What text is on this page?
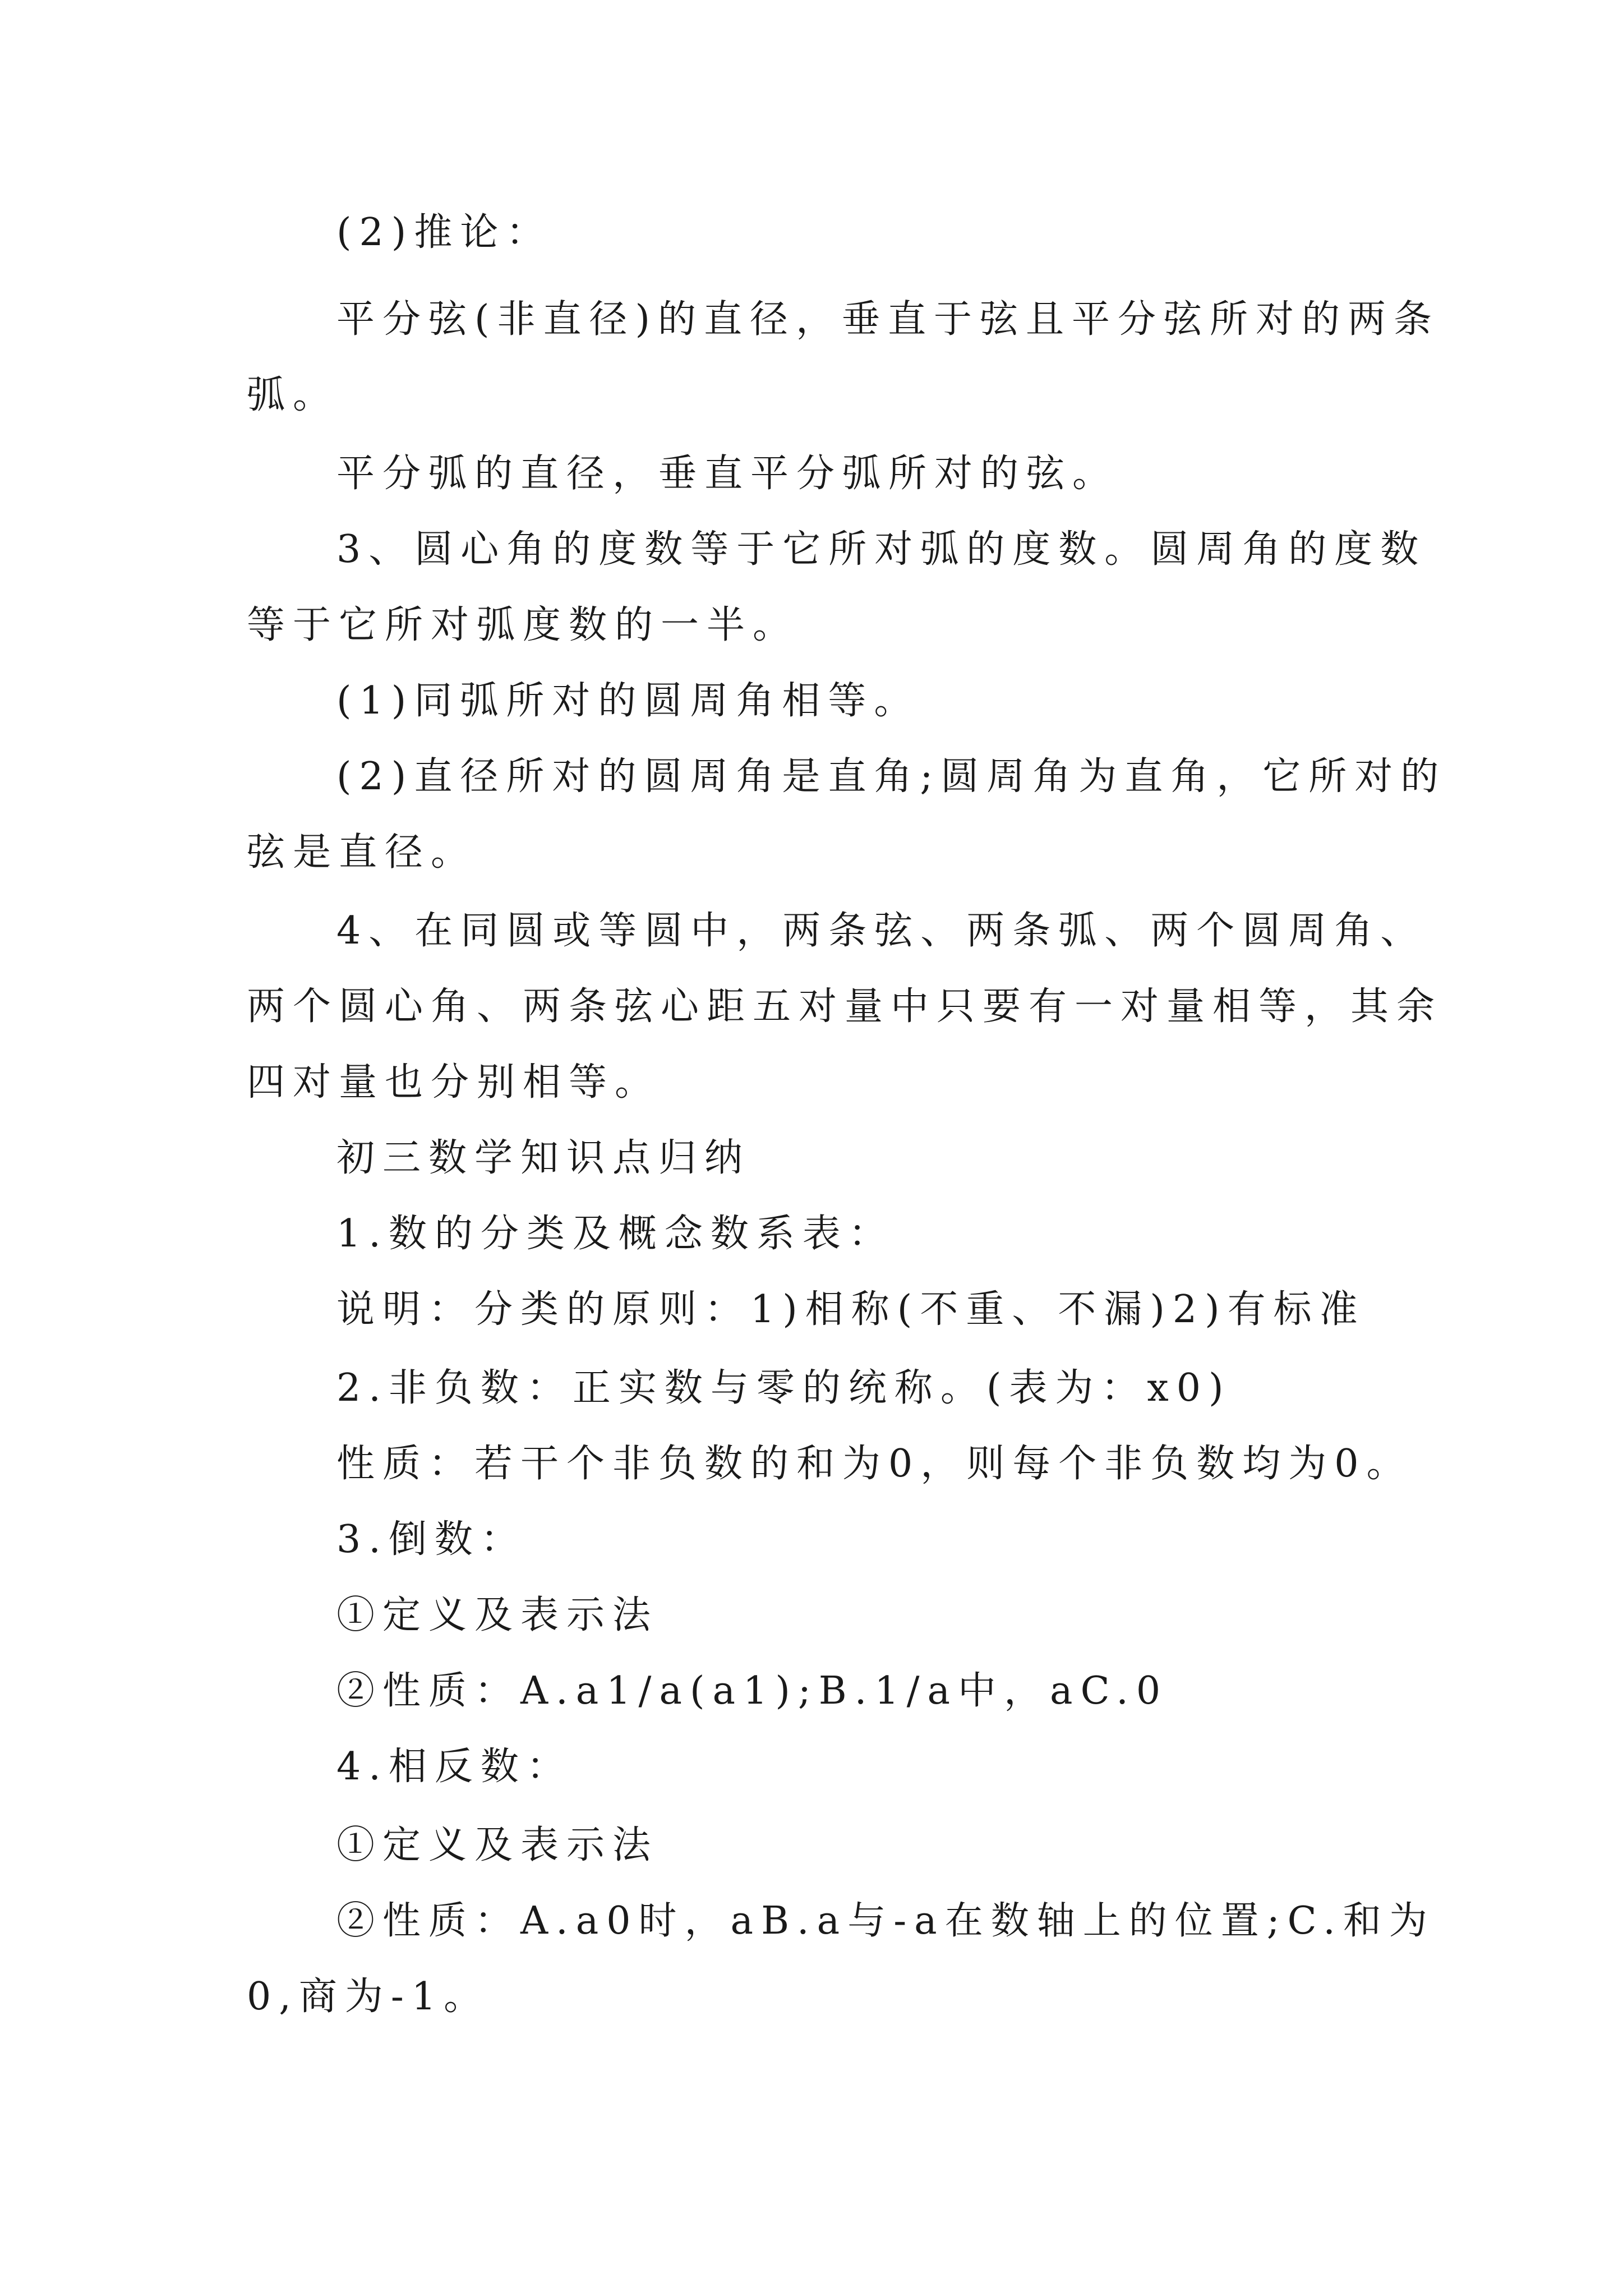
(2)推论：

平分弦(非直径)的直径，垂直于弦且平分弦所对的两条

弧。

平分弧的直径，垂直平分弧所对的弦。

3、圆心角的度数等于它所对弧的度数。圆周角的度数

等于它所对弧度数的一半。

(1)同弧所对的圆周角相等。

(2)直径所对的圆周角是直角;圆周角为直角，它所对的

弦是直径。

4、在同圆或等圆中，两条弦、两条弧、两个圆周角、

两个圆心角、两条弦心距五对量中只要有一对量相等，其余

四对量也分别相等。

初三数学知识点归纳

1.数的分类及概念数系表：

说明：分类的原则：1)相称(不重、不漏)2)有标准

2.非负数：正实数与零的统称。(表为：x0)

性质：若干个非负数的和为0，则每个非负数均为0。

3.倒数：

①定义及表示法

②性质：A.a1/a(a1);B.1/a中，aC.0

4.相反数：

①定义及表示法

②性质：A.a0时，aB.a与-a在数轴上的位置;C.和为

0,商为-1。
